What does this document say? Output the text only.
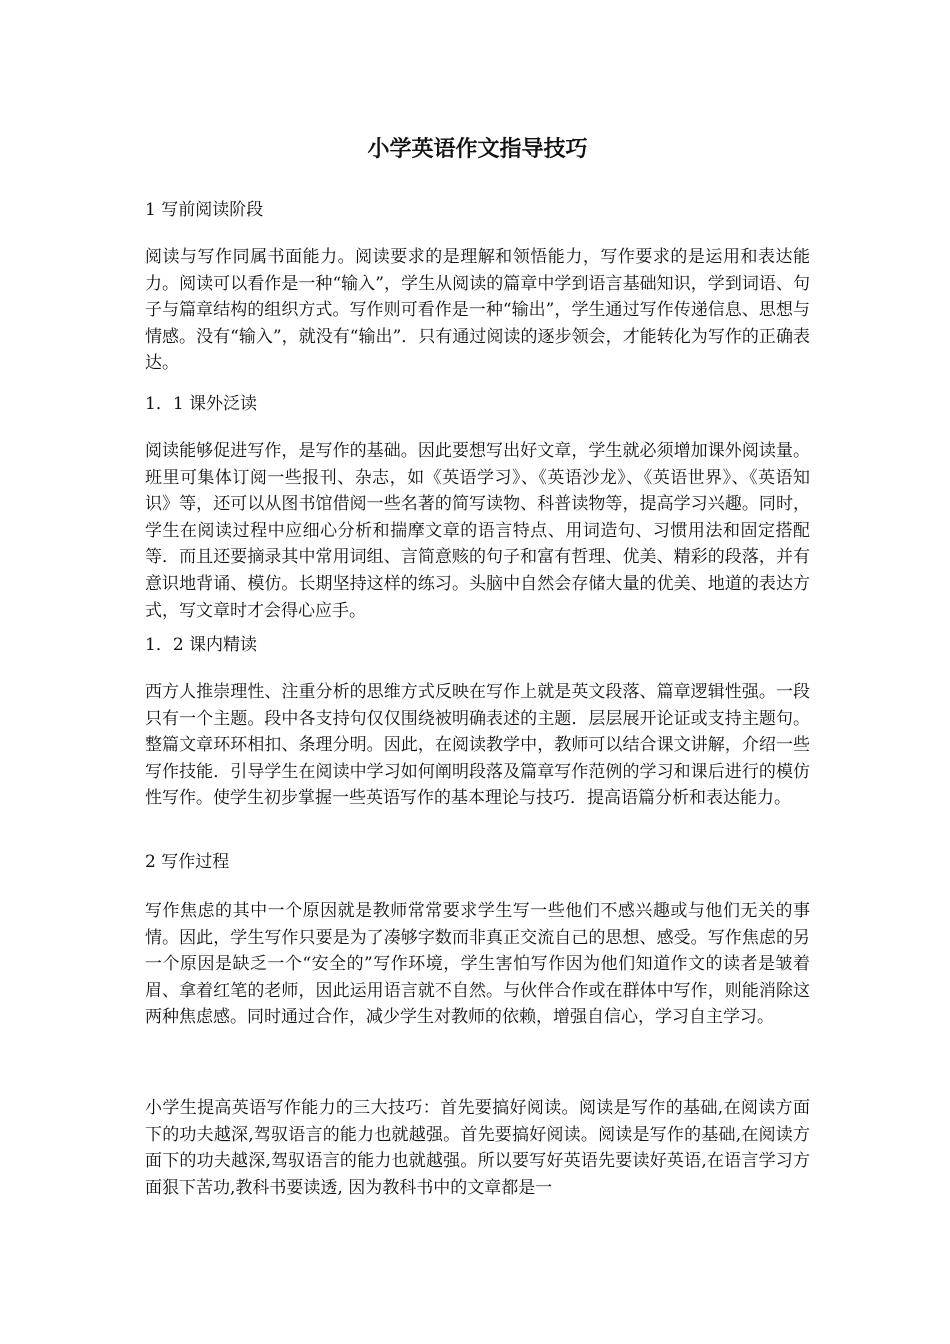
小学英语作文指导技巧
1 写前阅读阶段

阅读与写作同属书面能力。阅读要求的是理解和领悟能力，写作要求的是运用和表达能力。阅读可以看作是一种“输入”，学生从阅读的篇章中学到语言基础知识，学到词语、句子与篇章结构的组织方式。写作则可看作是一种“输出”，学生通过写作传递信息、思想与情感。没有“输入”，就没有“输出”．只有通过阅读的逐步领会，才能转化为写作的正确表达。

1．1 课外泛读

阅读能够促进写作，是写作的基础。因此要想写出好文章，学生就必须增加课外阅读量。班里可集体订阅一些报刊、杂志，如《英语学习》、《英语沙龙》、《英语世界》、《英语知识》等，还可以从图书馆借阅一些名著的简写读物、科普读物等，提高学习兴趣。同时，学生在阅读过程中应细心分析和揣摩文章的语言特点、用词造句、习惯用法和固定搭配等．而且还要摘录其中常用词组、言简意赅的句子和富有哲理、优美、精彩的段落，并有意识地背诵、模仿。长期坚持这样的练习。头脑中自然会存储大量的优美、地道的表达方式，写文章时才会得心应手。

1．2 课内精读

西方人推崇理性、注重分析的思维方式反映在写作上就是英文段落、篇章逻辑性强。一段只有一个主题。段中各支持句仅仅围绕被明确表述的主题．层层展开论证或支持主题句。整篇文章环环相扣、条理分明。因此，在阅读教学中，教师可以结合课文讲解，介绍一些写作技能．引导学生在阅读中学习如何阐明段落及篇章写作范例的学习和课后进行的模仿性写作。使学生初步掌握一些英语写作的基本理论与技巧．提高语篇分析和表达能力。

2 写作过程

写作焦虑的其中一个原因就是教师常常要求学生写一些他们不感兴趣或与他们无关的事情。因此，学生写作只要是为了凑够字数而非真正交流自己的思想、感受。写作焦虑的另一个原因是缺乏一个“安全的”写作环境，学生害怕写作因为他们知道作文的读者是皱着眉、拿着红笔的老师，因此运用语言就不自然。与伙伴合作或在群体中写作，则能消除这两种焦虑感。同时通过合作，减少学生对教师的依赖，增强自信心，学习自主学习。

小学生提高英语写作能力的三大技巧：首先要搞好阅读。阅读是写作的基础,在阅读方面下的功夫越深,驾驭语言的能力也就越强。首先要搞好阅读。阅读是写作的基础,在阅读方面下的功夫越深,驾驭语言的能力也就越强。所以要写好英语先要读好英语,在语言学习方面狠下苦功,教科书要读透, 因为教科书中的文章都是一
